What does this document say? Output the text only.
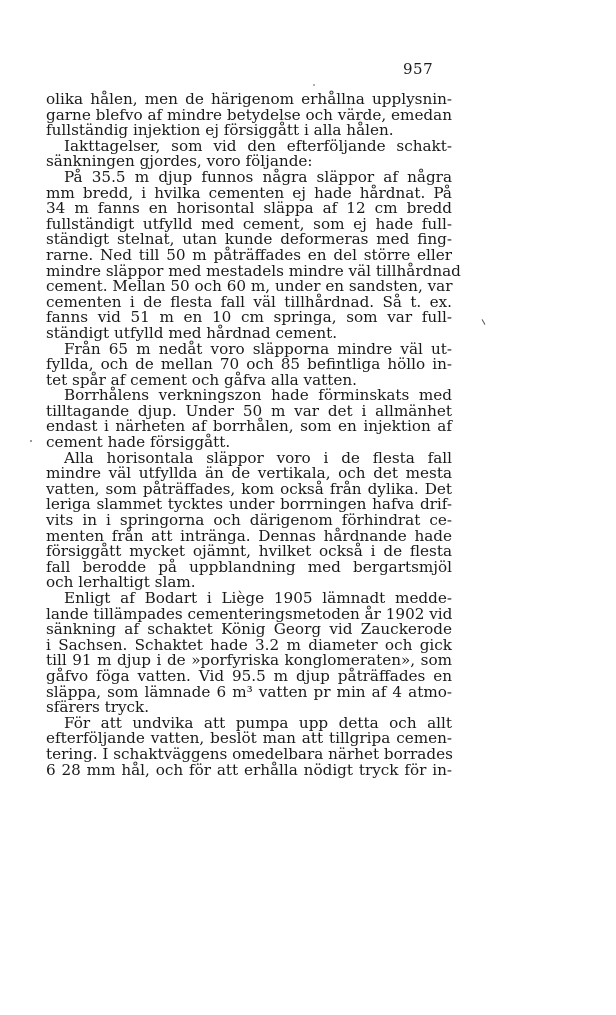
957
olika hålen, men de härigenom erhållna upplysnin-
garne blefvo af mindre betydelse och värde, emedan
fullständig injektion ej försiggått i alla hålen.
Iakttagelser, som vid den efterföljande schakt-
sänkningen gjordes, voro följande:
På 35.5 m djup funnos några släppor af några
mm bredd, i hvilka cementen ej hade hårdnat. På
34 m fanns en horisontal släppa af 12 cm bredd
fullständigt utfylld med cement, som ej hade full-
ständigt stelnat, utan kunde deformeras med fing-
rarne. Ned till 50 m påträffades en del större eller
mindre släppor med mestadels mindre väl tillhårdnad
cement. Mellan 50 och 60 m, under en sandsten, var
cementen i de flesta fall väl tillhårdnad. Så t. ex.
fanns vid 51 m en 10 cm springa, som var full-
ständigt utfylld med hårdnad cement.
Från 65 m nedåt voro släpporna mindre väl ut-
fyllda, och de mellan 70 och 85 befintliga höllo in-
tet spår af cement och gåfva alla vatten.
Borrhålens verkningszon hade förminskats med
tilltagande djup. Under 50 m var det i allmänhet
endast i närheten af borrhålen, som en injektion af
cement hade försiggått.
Alla horisontala släppor voro i de flesta fall
mindre väl utfyllda än de vertikala, och det mesta
vatten, som påträffades, kom också från dylika. Det
leriga slammet tycktes under borrningen hafva drif-
vits in i springorna och därigenom förhindrat ce-
menten från att intränga. Dennas hårdnande hade
försiggått mycket ojämnt, hvilket också i de flesta
fall berodde på uppblandning med bergartsmjöl
och lerhaltigt slam.
Enligt af Bodart i Liège 1905 lämnadt medde-
lande tillämpades cementeringsmetoden år 1902 vid
sänkning af schaktet König Georg vid Zauckerode
i Sachsen. Schaktet hade 3.2 m diameter och gick
till 91 m djup i de »porfyriska konglomeraten», som
gåfvo föga vatten. Vid 95.5 m djup påträffades en
släppa, som lämnade 6 m³ vatten pr min af 4 atmo-
sfärers tryck.
För att undvika att pumpa upp detta och allt
efterföljande vatten, beslöt man att tillgripa cemen-
tering. I schaktväggens omedelbara närhet borrades
6 28 mm hål, och för att erhålla nödigt tryck för in-
